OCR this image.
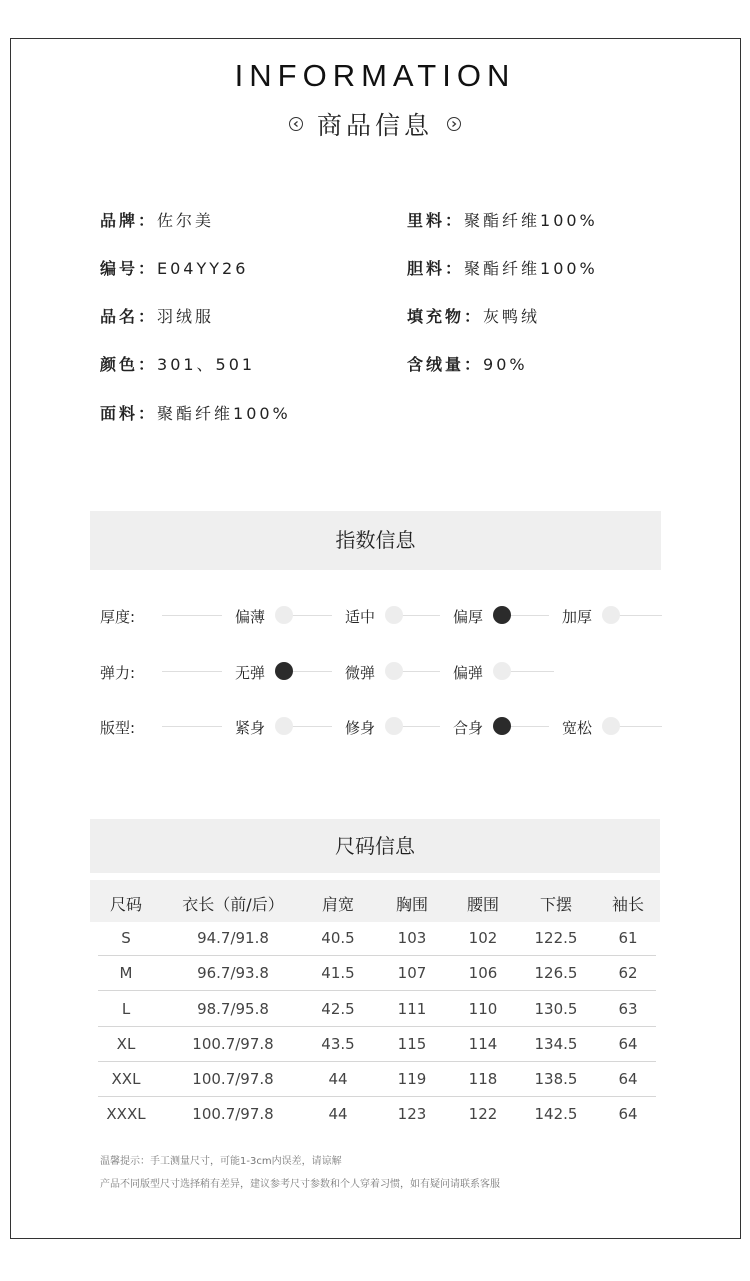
INFORMATION
商品信息
品牌：佐尔美
编号：E04YY26
品名：羽绒服
颜色：301、501
面料：聚酯纤维100%
里料：聚酯纤维100%
胆料：聚酯纤维100%
填充物：灰鸭绒
含绒量：90%
指数信息
厚度:	偏薄	适中	偏厚	加厚
弹力:	无弹	微弹	偏弹
版型:	紧身	修身	合身	宽松
尺码信息
尺码	衣长（前/后）	肩宽	胸围	腰围	下摆	袖长
S	94.7/91.8	40.5	103	102	122.5	61
M	96.7/93.8	41.5	107	106	126.5	62
L	98.7/95.8	42.5	111	110	130.5	63
XL	100.7/97.8	43.5	115	114	134.5	64
XXL	100.7/97.8	44	119	118	138.5	64
XXXL	100.7/97.8	44	123	122	142.5	64
温馨提示：手工测量尺寸，可能1-3cm内误差，请谅解
产品不同版型尺寸选择稍有差异，建议参考尺寸参数和个人穿着习惯，如有疑问请联系客服
